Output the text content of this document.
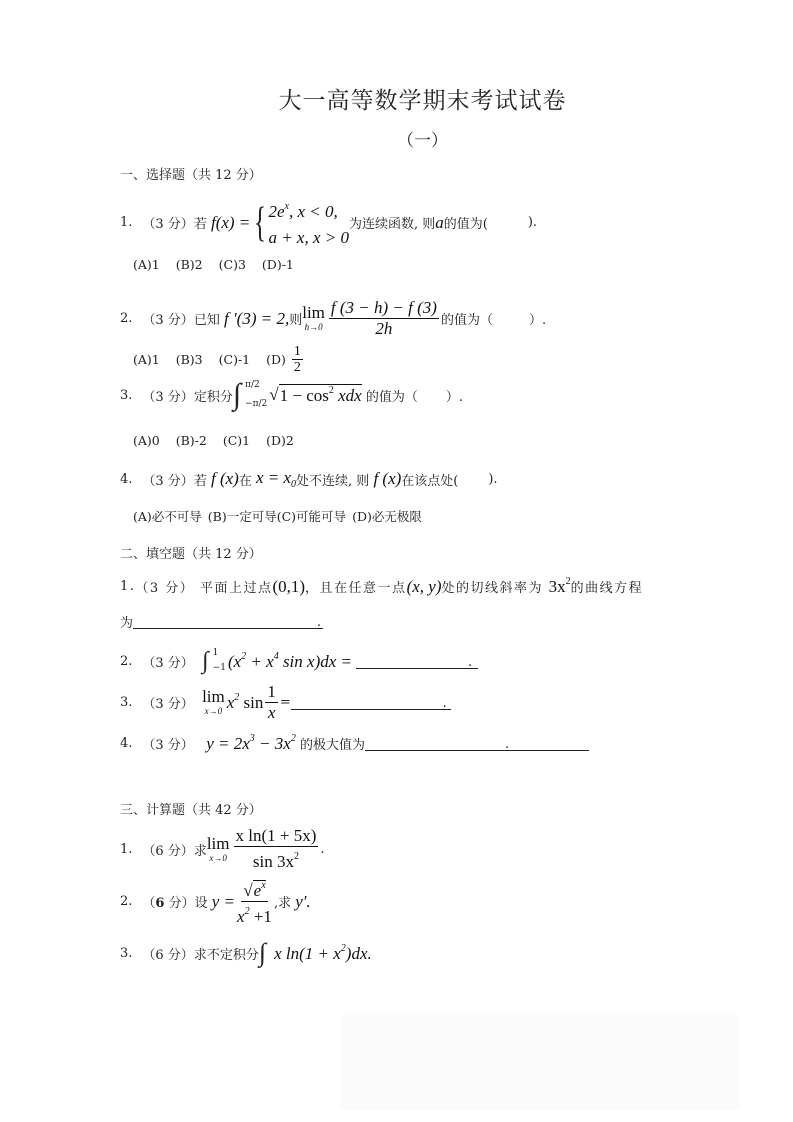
大一高等数学期末考试试卷
（一）
一、选择题（共 12 分）
1. （3 分） 若
f(x) = { $2e^x$, x < 0,
a + x, x > 0
为连续函数, 则 a 的值为(	).
(A)1 (B)2 (C)3 (D)-1
2. （3 分） 已知
f ′(3) = 2, 则 lim
$h\to 0 \frac{f (3 - h) - f (3)}{2h}$ 的值为（	）.
(A)1 (B)3 (C)-1 (D)
$\frac{1}{2}$
3. （3 分） 定积分 ∫ π/2
−π/2 √ $1 - \cos^2$ xdx
的值为（ ）.
(A)0 (B)-2 (C)1 (D)2
4. （3 分） 若
f (x) 在
$x = x_0$ 处不连续, 则
f (x) 在该点处( ).
(A)必不可导 (B)一定可导 (C)可能可导 (D)必无极限
二、填空题（共 12 分）
1. （3 分）
平面上过点 (0,1) ，且在任意一点 (x, y) 处的切线斜率为
$3x^2$ 的曲线方程
为	.
2. （3 分）
∫ 1
−1 ($x^2 + x^4$ sin x)dx =
	.
3. （3 分）
lim
x→0 $x^2$ $\sin \frac{1}{x}$ =	.
4. （3 分）
$y = 2x^3 - 3x^2$
的极大值为	.
三、计算题（共 42 分）
1. （6 分） 求 lim
$x\to 0 \frac{\text{x ln(1 + 5x)}}{\sin 3x^2}$ .
2. （6 分） 设
$y = \frac{√e^x}{x^2 +1}$ ,求
y′.
3. （6 分） 求不定积分 ∫
x $\ln(1 + x^2)dx$.
